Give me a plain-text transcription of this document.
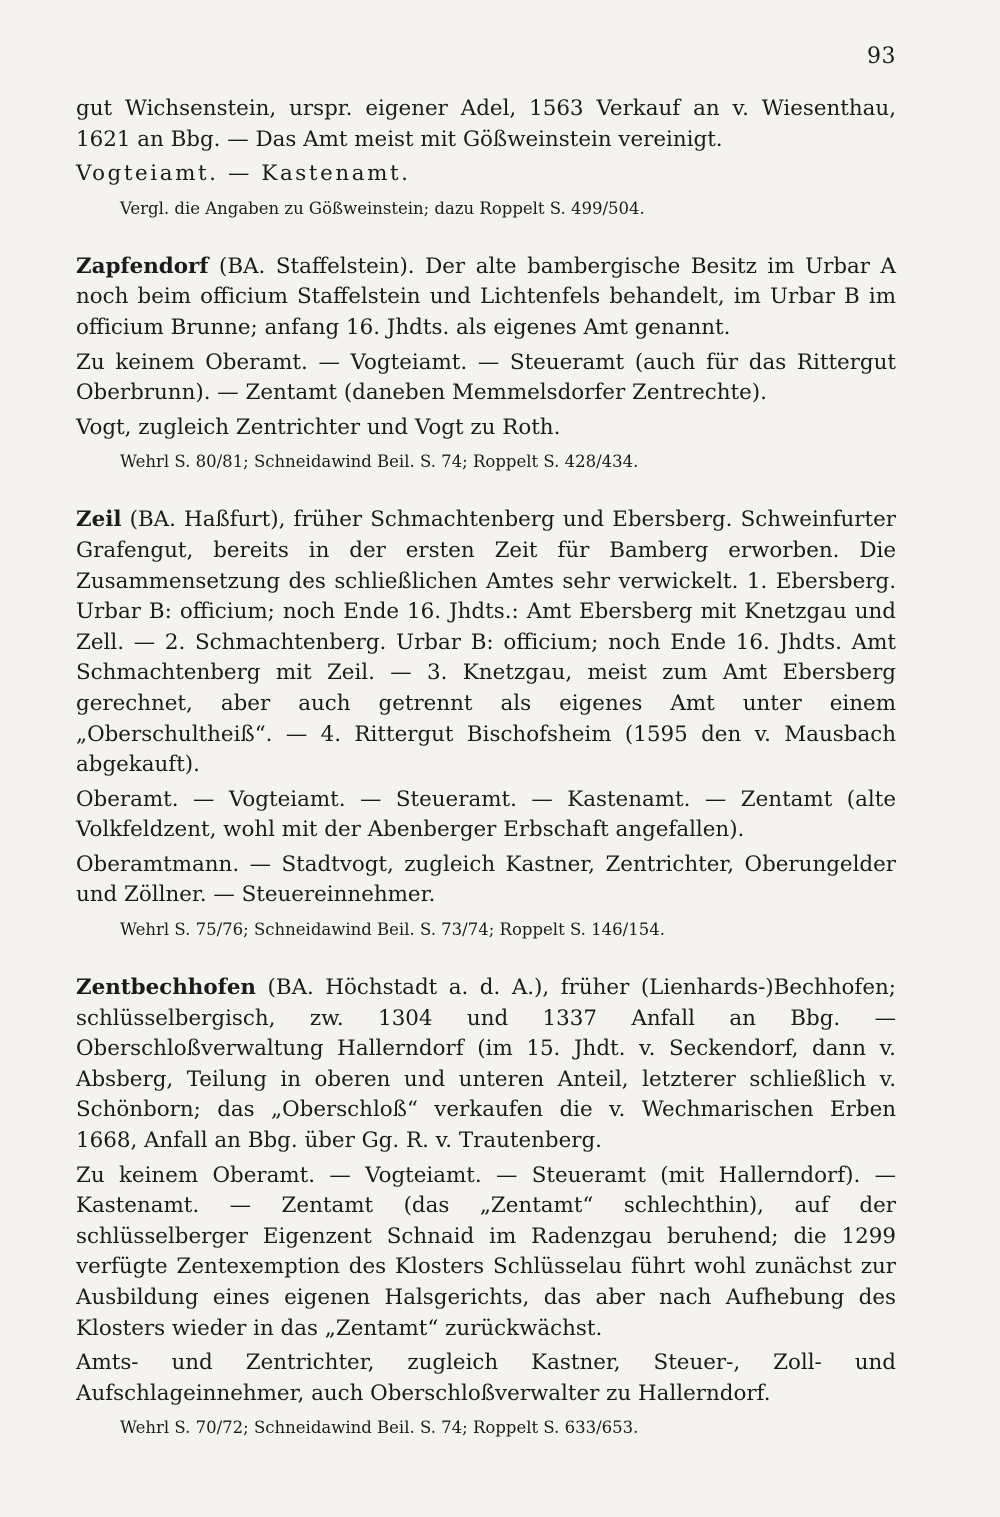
93

gut Wichsenstein, urspr. eigener Adel, 1563 Verkauf an v. Wiesenthau, 1621 an Bbg. — Das Amt meist mit Gößweinstein vereinigt.

Vogteiamt. — Kastenamt.

Vergl. die Angaben zu Gößweinstein; dazu Roppelt S. 499/504.

Zapfendorf (BA. Staffelstein). Der alte bambergische Besitz im Urbar A noch beim officium Staffelstein und Lichtenfels behandelt, im Urbar B im officium Brunne; anfang 16. Jhdts. als eigenes Amt genannt.

Zu keinem Oberamt. — Vogteiamt. — Steueramt (auch für das Rittergut Oberbrunn). — Zentamt (daneben Memmelsdorfer Zentrechte).

Vogt, zugleich Zentrichter und Vogt zu Roth.

Wehrl S. 80/81; Schneidawind Beil. S. 74; Roppelt S. 428/434.

Zeil (BA. Haßfurt), früher Schmachtenberg und Ebersberg. Schweinfurter Grafengut, bereits in der ersten Zeit für Bamberg erworben. Die Zusammensetzung des schließlichen Amtes sehr verwickelt. 1. Ebersberg. Urbar B: officium; noch Ende 16. Jhdts.: Amt Ebersberg mit Knetzgau und Zell. — 2. Schmachtenberg. Urbar B: officium; noch Ende 16. Jhdts. Amt Schmachtenberg mit Zeil. — 3. Knetzgau, meist zum Amt Ebersberg gerechnet, aber auch getrennt als eigenes Amt unter einem „Oberschultheiß“. — 4. Rittergut Bischofsheim (1595 den v. Mausbach abgekauft).

Oberamt. — Vogteiamt. — Steueramt. — Kastenamt. — Zentamt (alte Volkfeldzent, wohl mit der Abenberger Erbschaft angefallen).

Oberamtmann. — Stadtvogt, zugleich Kastner, Zentrichter, Oberungelder und Zöllner. — Steuereinnehmer.

Wehrl S. 75/76; Schneidawind Beil. S. 73/74; Roppelt S. 146/154.

Zentbechhofen (BA. Höchstadt a. d. A.), früher (Lienhards-)Bechhofen; schlüsselbergisch, zw. 1304 und 1337 Anfall an Bbg. — Oberschloßverwaltung Hallerndorf (im 15. Jhdt. v. Seckendorf, dann v. Absberg, Teilung in oberen und unteren Anteil, letzterer schließlich v. Schönborn; das „Oberschloß“ verkaufen die v. Wechmarischen Erben 1668, Anfall an Bbg. über Gg. R. v. Trautenberg.

Zu keinem Oberamt. — Vogteiamt. — Steueramt (mit Hallerndorf). — Kastenamt. — Zentamt (das „Zentamt“ schlechthin), auf der schlüsselberger Eigenzent Schnaid im Radenzgau beruhend; die 1299 verfügte Zentexemption des Klosters Schlüsselau führt wohl zunächst zur Ausbildung eines eigenen Halsgerichts, das aber nach Aufhebung des Klosters wieder in das „Zentamt“ zurückwächst.

Amts- und Zentrichter, zugleich Kastner, Steuer-, Zoll- und Aufschlageinnehmer, auch Oberschloßverwalter zu Hallerndorf.

Wehrl S. 70/72; Schneidawind Beil. S. 74; Roppelt S. 633/653.
